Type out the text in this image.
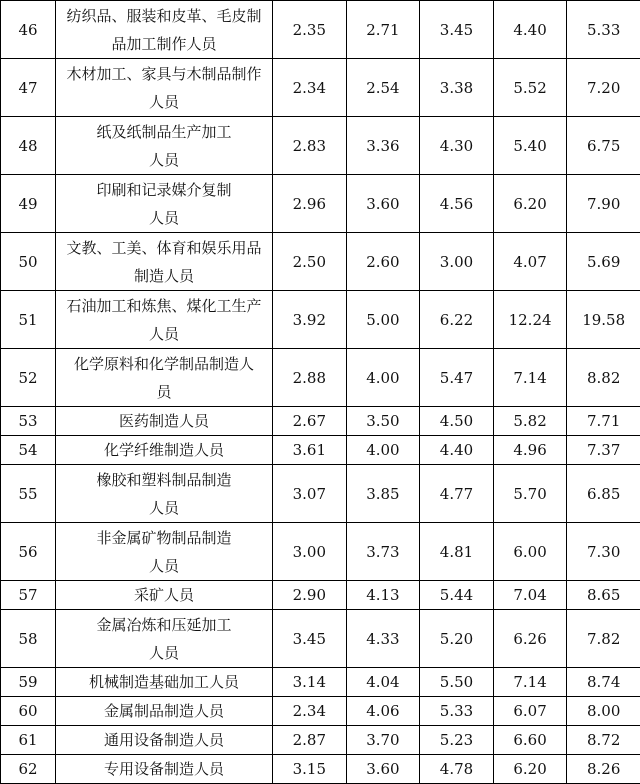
46	纺织品、服装和皮革、毛皮制
品加工制作人员	2.35	2.71	3.45	4.40	5.33
47	木材加工、家具与木制品制作
人员	2.34	2.54	3.38	5.52	7.20
48	纸及纸制品生产加工
人员	2.83	3.36	4.30	5.40	6.75
49	印刷和记录媒介复制
人员	2.96	3.60	4.56	6.20	7.90
50	文教、工美、体育和娱乐用品
制造人员	2.50	2.60	3.00	4.07	5.69
51	石油加工和炼焦、煤化工生产
人员	3.92	5.00	6.22	12.24	19.58
52	化学原料和化学制品制造人
员	2.88	4.00	5.47	7.14	8.82
53	医药制造人员	2.67	3.50	4.50	5.82	7.71
54	化学纤维制造人员	3.61	4.00	4.40	4.96	7.37
55	橡胶和塑料制品制造
人员	3.07	3.85	4.77	5.70	6.85
56	非金属矿物制品制造
人员	3.00	3.73	4.81	6.00	7.30
57	采矿人员	2.90	4.13	5.44	7.04	8.65
58	金属冶炼和压延加工
人员	3.45	4.33	5.20	6.26	7.82
59	机械制造基础加工人员	3.14	4.04	5.50	7.14	8.74
60	金属制品制造人员	2.34	4.06	5.33	6.07	8.00
61	通用设备制造人员	2.87	3.70	5.23	6.60	8.72
62	专用设备制造人员	3.15	3.60	4.78	6.20	8.26
